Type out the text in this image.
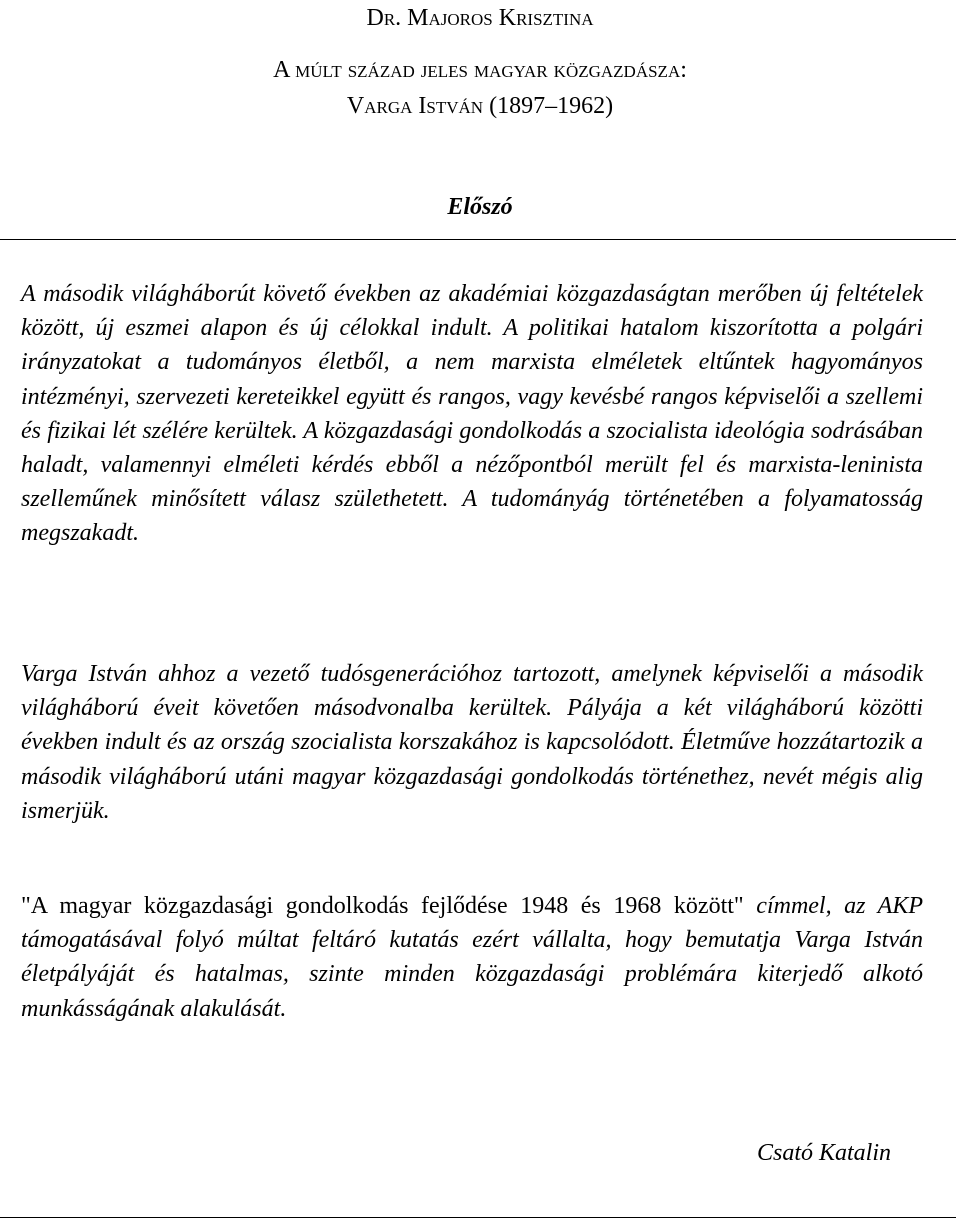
Dr. Majoros Krisztina
A múlt század jeles magyar közgazdásza:
Varga István (1897–1962)
Előszó

A második világháborút követő években az akadémiai közgazdaságtan merőben új feltételek között, új eszmei alapon és új célokkal indult. A politikai hatalom kiszorította a polgári irányzatokat a tudományos életből, a nem marxista elméletek eltűntek hagyományos intézményi, szervezeti kereteikkel együtt és rangos, vagy kevésbé rangos képviselői a szellemi és fizikai lét szélére kerültek. A közgazdasági gondolkodás a szocialista ideológia sodrásában haladt, valamennyi elméleti kérdés ebből a nézőpontból merült fel és marxista-leninista szelleműnek minősített válasz születhetett. A tudományág történetében a folyamatosság megszakadt.

Varga István ahhoz a vezető tudósgenerációhoz tartozott, amelynek képviselői a második világháború éveit követően másodvonalba kerültek. Pályája a két világháború közötti években indult és az ország szocialista korszakához is kapcsolódott. Életműve hozzátartozik a második világháború utáni magyar közgazdasági gondolkodás történethez, nevét mégis alig ismerjük.

"A magyar közgazdasági gondolkodás fejlődése 1948 és 1968 között" címmel, az AKP támogatásával folyó múltat feltáró kutatás ezért vállalta, hogy bemutatja Varga István életpályáját és hatalmas, szinte minden közgazdasági problémára kiterjedő alkotó munkásságának alakulását.

Csató Katalin
